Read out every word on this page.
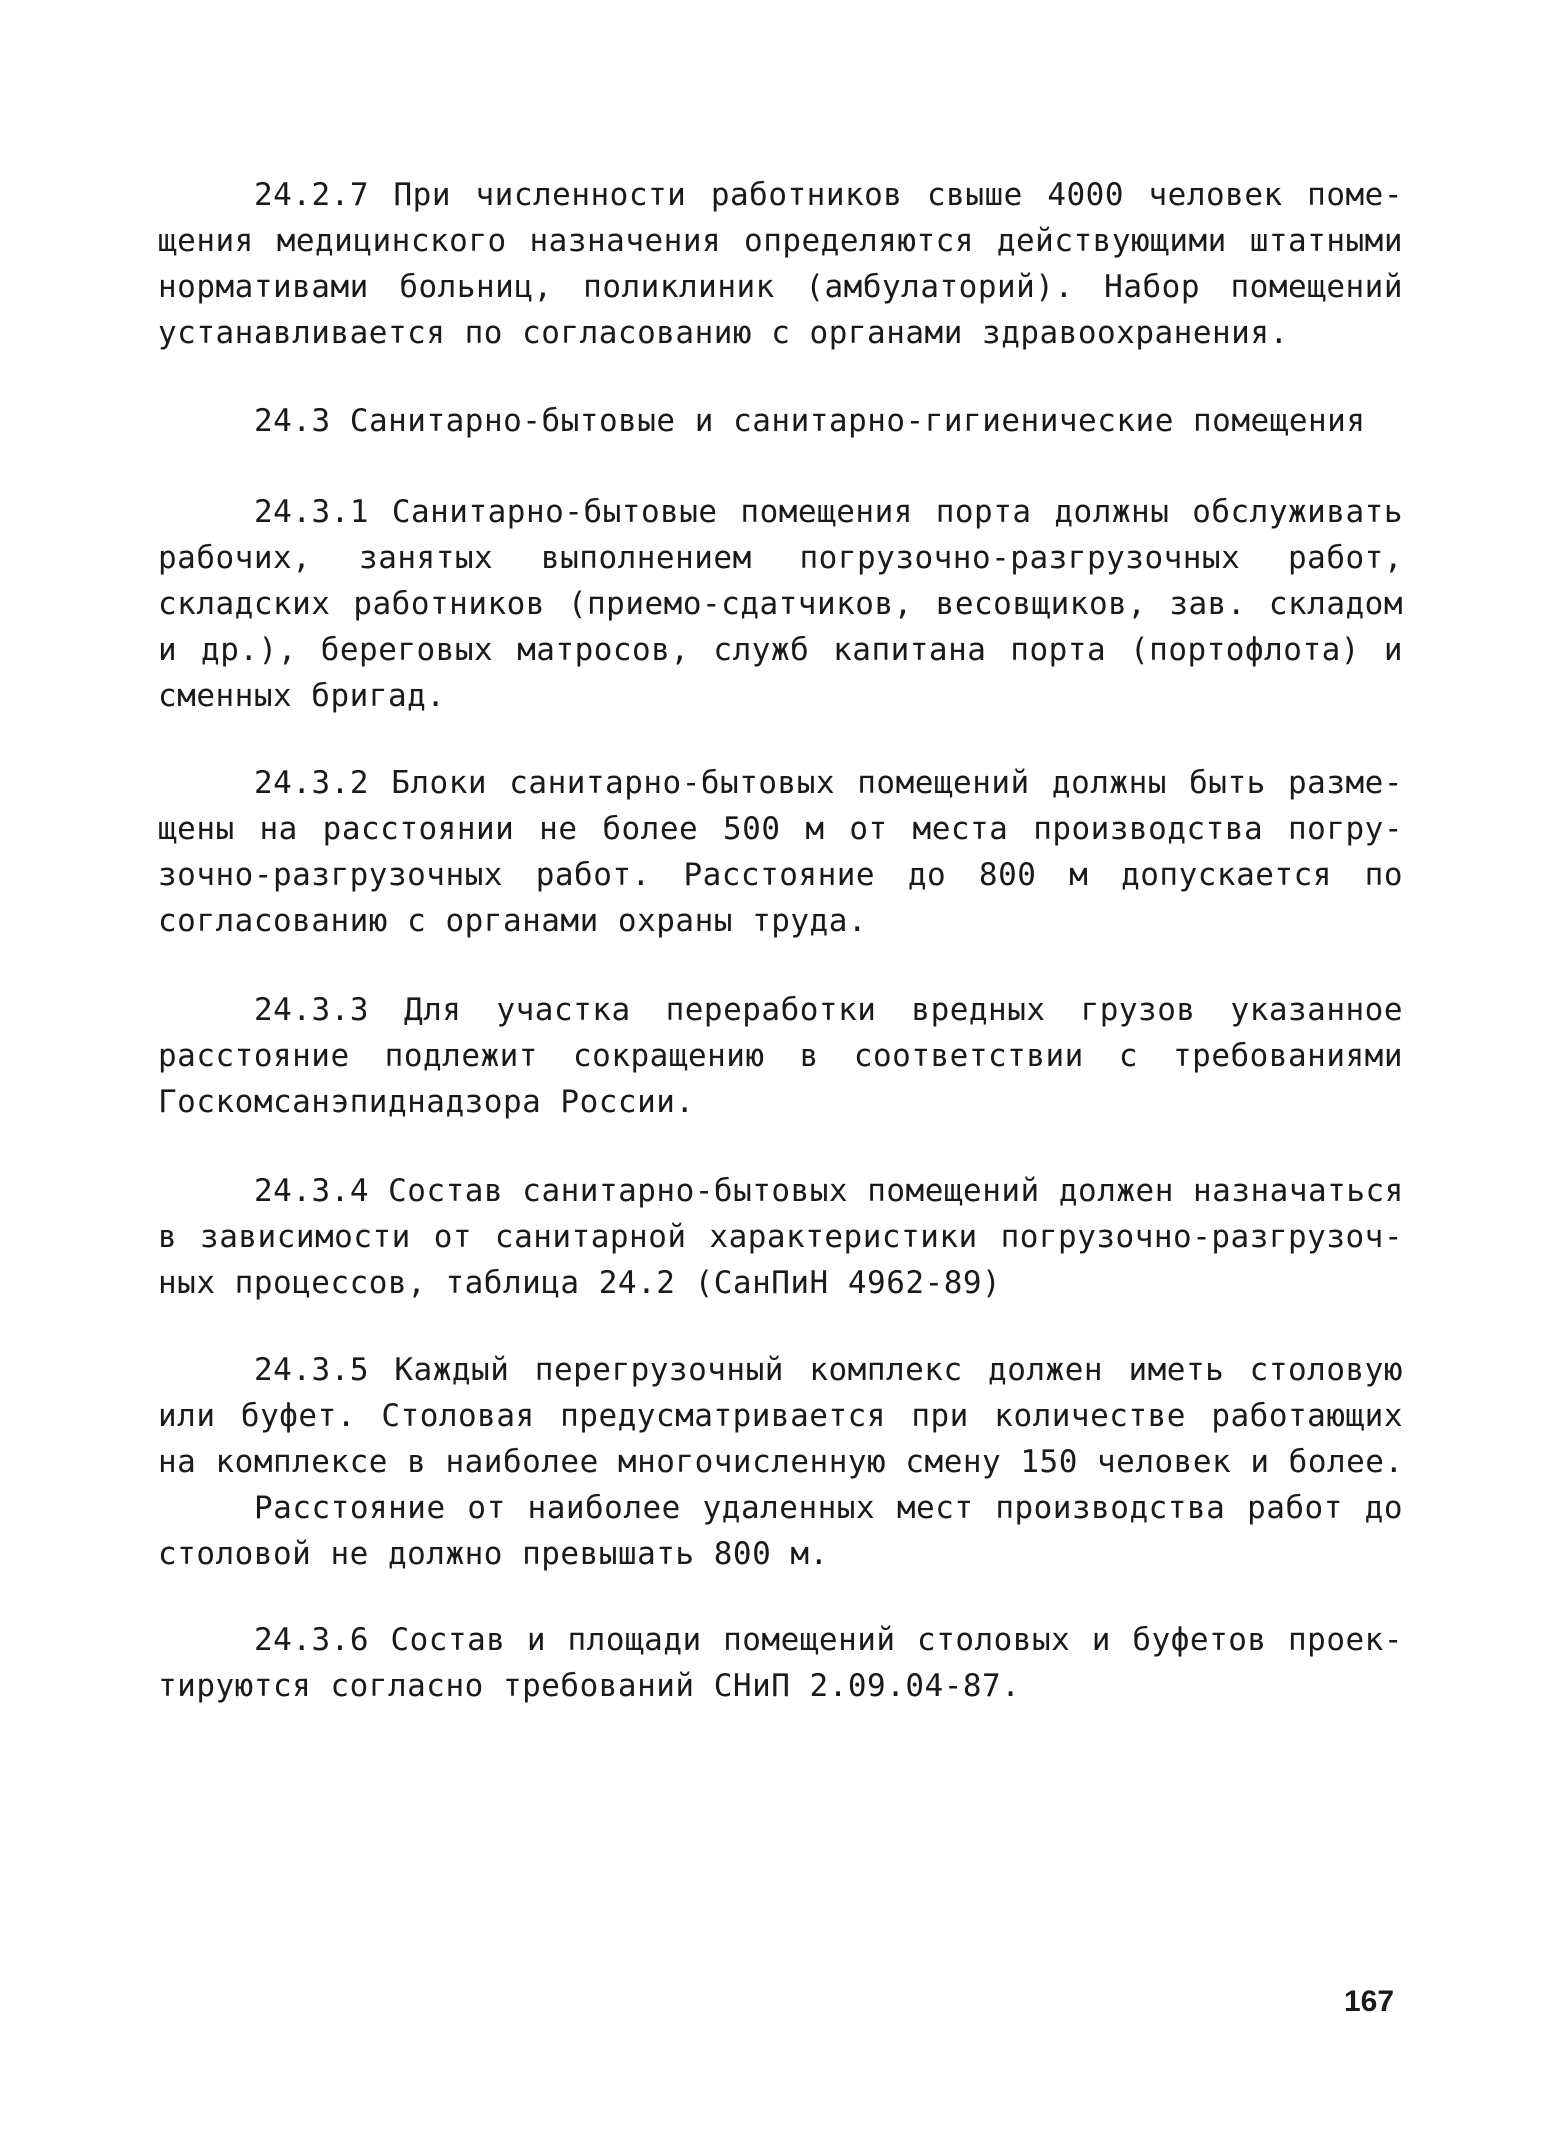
24.2.7 При численности работников свыше 4000 человек поме-
щения медицинского назначения определяются действующими штатными
нормативами больниц, поликлиник (амбулаторий). Набор помещений
устанавливается по согласованию с органами здравоохранения.
24.3 Санитарно-бытовые и санитарно-гигиенические помещения
24.3.1 Санитарно-бытовые помещения порта должны обслуживать
рабочих, занятых выполнением погрузочно-разгрузочных работ,
складских работников (приемо-сдатчиков, весовщиков, зав. складом
и др.), береговых матросов, служб капитана порта (портофлота) и
сменных бригад.
24.3.2 Блоки санитарно-бытовых помещений должны быть разме-
щены на расстоянии не более 500 м от места производства погру-
зочно-разгрузочных работ. Расстояние до 800 м допускается по
согласованию с органами охраны труда.
24.3.3 Для участка переработки вредных грузов указанное
расстояние подлежит сокращению в соответствии с требованиями
Госкомсанэпиднадзора России.
24.3.4 Состав санитарно-бытовых помещений должен назначаться
в зависимости от санитарной характеристики погрузочно-разгрузоч-
ных процессов, таблица 24.2 (СанПиН 4962-89)
24.3.5 Каждый перегрузочный комплекс должен иметь столовую
или буфет. Столовая предусматривается при количестве работающих
на комплексе в наиболее многочисленную смену 150 человек и более.
Расстояние от наиболее удаленных мест производства работ до
столовой не должно превышать 800 м.
24.3.6 Состав и площади помещений столовых и буфетов проек-
тируются согласно требований СНиП 2.09.04-87.
167
